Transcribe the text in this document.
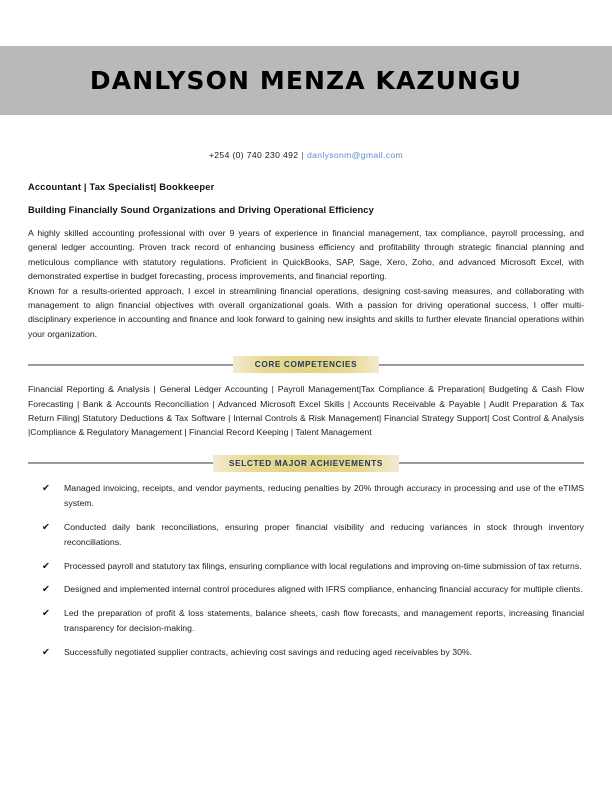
DANLYSON MENZA KAZUNGU
+254 (0) 740 230 492 | danlysonm@gmail.com
Accountant | Tax Specialist| Bookkeeper
Building Financially Sound Organizations and Driving Operational Efficiency

A highly skilled accounting professional with over 9 years of experience in financial management, tax compliance, payroll processing, and general ledger accounting. Proven track record of enhancing business efficiency and profitability through strategic financial planning and meticulous compliance with statutory regulations. Proficient in QuickBooks, SAP, Sage, Xero, Zoho, and advanced Microsoft Excel, with demonstrated expertise in budget forecasting, process improvements, and financial reporting.

Known for a results-oriented approach, I excel in streamlining financial operations, designing cost-saving measures, and collaborating with management to align financial objectives with overall organizational goals. With a passion for driving operational success, I offer multi-disciplinary experience in accounting and finance and look forward to gaining new insights and skills to further elevate financial operations within your organization.

CORE COMPETENCIES
Financial Reporting & Analysis | General Ledger Accounting | Payroll Management|Tax Compliance & Preparation| Budgeting & Cash Flow Forecasting | Bank & Accounts Reconciliation | Advanced Microsoft Excel Skills | Accounts Receivable & Payable | Audit Preparation & Tax Return Filing| Statutory Deductions & Tax Software | Internal Controls & Risk Management| Financial Strategy Support| Cost Control & Analysis |Compliance & Regulatory Management | Financial Record Keeping | Talent Management
SELCTED MAJOR ACHIEVEMENTS
✔	Managed invoicing, receipts, and vendor payments, reducing penalties by 20% through accuracy in processing and use of the eTIMS system.
✔	Conducted daily bank reconciliations, ensuring proper financial visibility and reducing variances in stock through inventory reconciliations.
✔	Processed payroll and statutory tax filings, ensuring compliance with local regulations and improving on-time submission of tax returns.
✔	Designed and implemented internal control procedures aligned with IFRS compliance, enhancing financial accuracy for multiple clients.
✔	Led the preparation of profit & loss statements, balance sheets, cash flow forecasts, and management reports, increasing financial transparency for decision-making.
✔	Successfully negotiated supplier contracts, achieving cost savings and reducing aged receivables by 30%.
